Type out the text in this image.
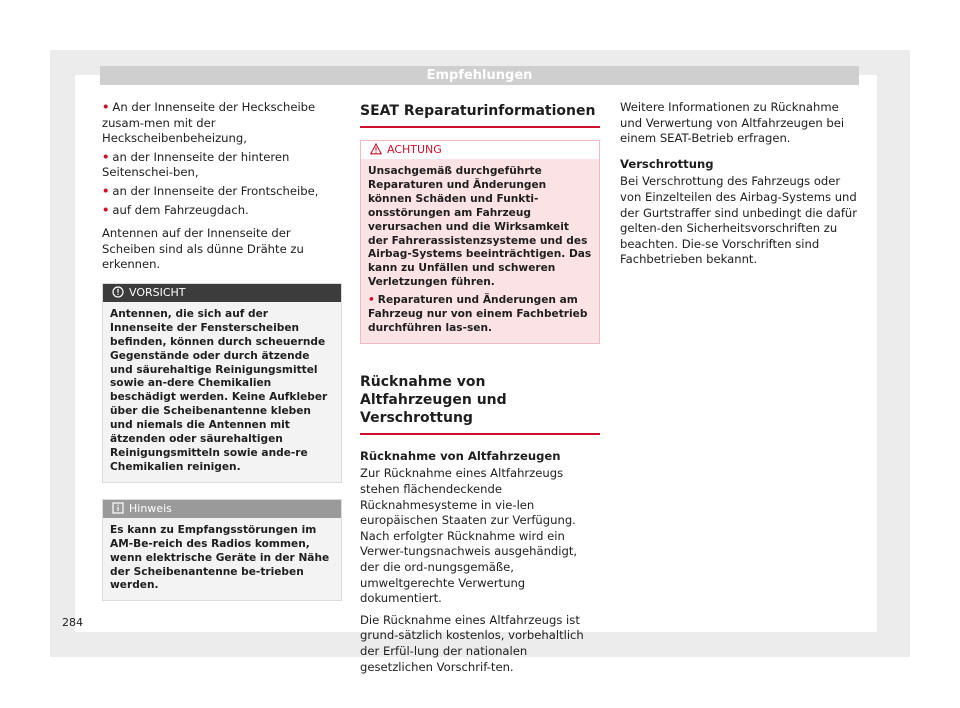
Empfehlungen
• An der Innenseite der Heckscheibe zusam-men mit der Heckscheibenbeheizung,
• an der Innenseite der hinteren Seitenschei-ben,
• an der Innenseite der Frontscheibe,
• auf dem Fahrzeugdach.

Antennen auf der Innenseite der Scheiben sind als dünne Drähte zu erkennen.

VORSICHT
Antennen, die sich auf der Innenseite der Fensterscheiben befinden, können durch scheuernde Gegenstände oder durch ätzende und säurehaltige Reinigungsmittel sowie an-dere Chemikalien beschädigt werden. Keine Aufkleber über die Scheibenantenne kleben und niemals die Antennen mit ätzenden oder säurehaltigen Reinigungsmitteln sowie ande-re Chemikalien reinigen.
Hinweis
Es kann zu Empfangsstörungen im AM-Be-reich des Radios kommen, wenn elektrische Geräte in der Nähe der Scheibenantenne be-trieben werden.
SEAT Reparaturinformationen
ACHTUNG
Unsachgemäß durchgeführte Reparaturen und Änderungen können Schäden und Funkti-onsstörungen am Fahrzeug verursachen und die Wirksamkeit der Fahrerassistenzsysteme und des Airbag-Systems beeinträchtigen. Das kann zu Unfällen und schweren Verletzungen führen.
• Reparaturen und Änderungen am Fahrzeug nur von einem Fachbetrieb durchführen las-sen.
Rücknahme von Altfahrzeugen und Verschrottung

Rücknahme von Altfahrzeugen

Zur Rücknahme eines Altfahrzeugs stehen flächendeckende Rücknahmesysteme in vie-len europäischen Staaten zur Verfügung. Nach erfolgter Rücknahme wird ein Verwer-tungsnachweis ausgehändigt, der die ord-nungsgemäße, umweltgerechte Verwertung dokumentiert.

Die Rücknahme eines Altfahrzeugs ist grund-sätzlich kostenlos, vorbehaltlich der Erfül-lung der nationalen gesetzlichen Vorschrif-ten.

Weitere Informationen zu Rücknahme und Verwertung von Altfahrzeugen bei einem SEAT-Betrieb erfragen.

Verschrottung

Bei Verschrottung des Fahrzeugs oder von Einzelteilen des Airbag-Systems und der Gurtstraffer sind unbedingt die dafür gelten-den Sicherheitsvorschriften zu beachten. Die-se Vorschriften sind Fachbetrieben bekannt.

284
